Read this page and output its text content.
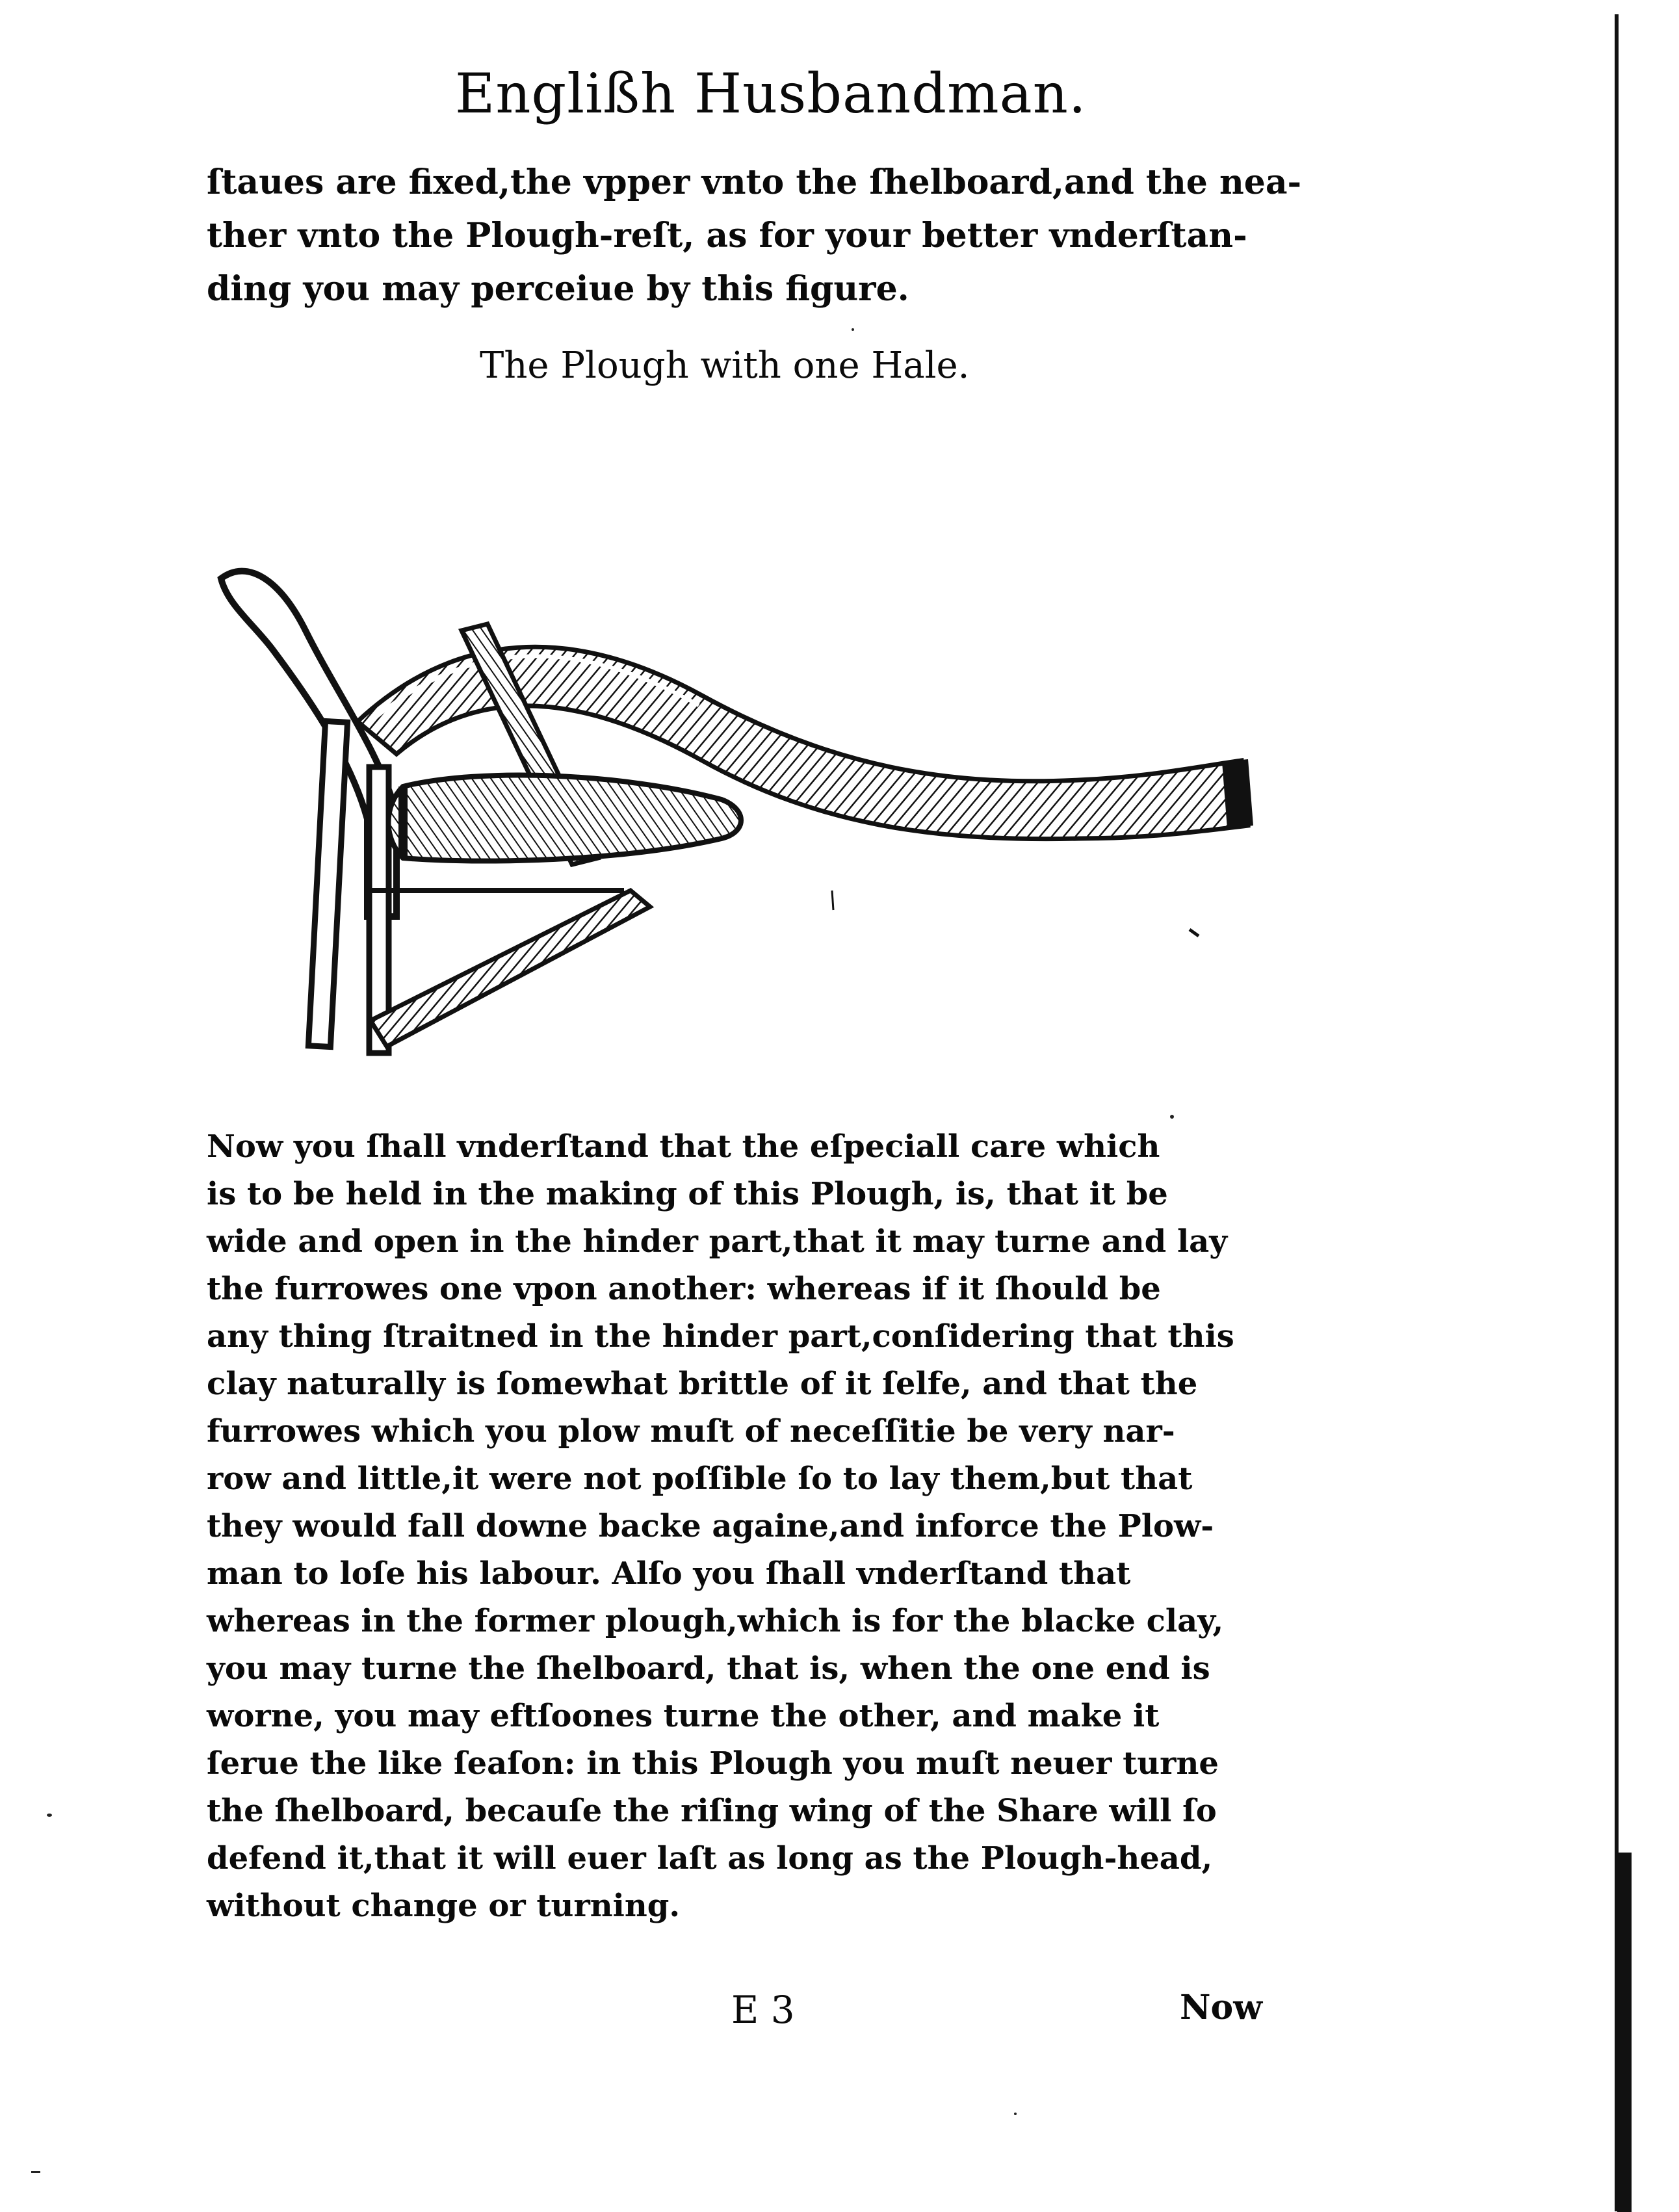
Englißh Husbandman.
ſtaues are fixed,the vpper vnto the ſhelboard,and the nea-
ther vnto the Plough-reſt, as for your better vnderſtan-
ding you may perceiue by this figure.
The Plough with one Hale.
Now you ſhall vnderſtand that the eſpeciall care which
is to be held in the making of this Plough, is, that it be
wide and open in the hinder part,that it may turne and lay
the furrowes one vpon another: whereas if it ſhould be
any thing ſtraitned in the hinder part,conſidering that this
clay naturally is ſomewhat brittle of it ſelfe, and that the
furrowes which you plow muſt of neceſſitie be very nar-
row and little,it were not poſſible ſo to lay them,but that
they would fall downe backe againe,and inforce the Plow-
man to loſe his labour. Alſo you ſhall vnderſtand that
whereas in the former plough,which is for the blacke clay,
you may turne the ſhelboard, that is, when the one end is
worne, you may eftſoones turne the other, and make it
ſerue the like ſeaſon: in this Plough you muſt neuer turne
the ſhelboard, becauſe the riſing wing of the Share will ſo
defend it,that it will euer laſt as long as the Plough-head,
without change or turning.
E 3	Now
